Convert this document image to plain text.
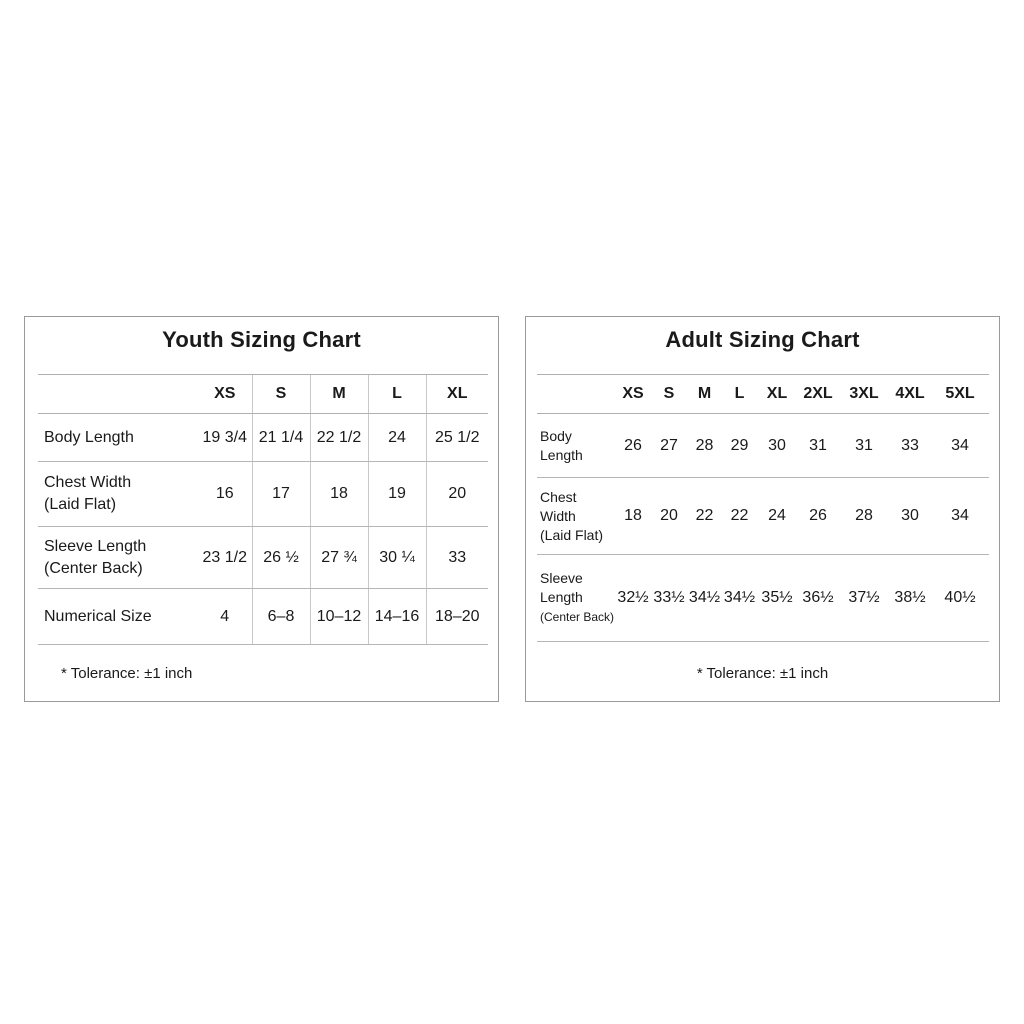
Youth Sizing Chart
	XS	S	M	L	XL
Body Length	19 3/4	21 1/4	22 1/2	24	25 1/2
Chest Width
(Laid Flat)	16	17	18	19	20
Sleeve Length
(Center Back)	23 1/2	26 ½	27 ¾	30 ¼	33
Numerical Size	4	6–8	10–12	14–16	18–20
* Tolerance: ±1 inch
Adult Sizing Chart
	XS	S	M	L	XL	2XL	3XL	4XL	5XL
Body
Length	26	27	28	29	30	31	31	33	34
Chest
Width
(Laid Flat)	18	20	22	22	24	26	28	30	34
Sleeve
Length
(Center Back)	32½	33½	34½	34½	35½	36½	37½	38½	40½
* Tolerance: ±1 inch
